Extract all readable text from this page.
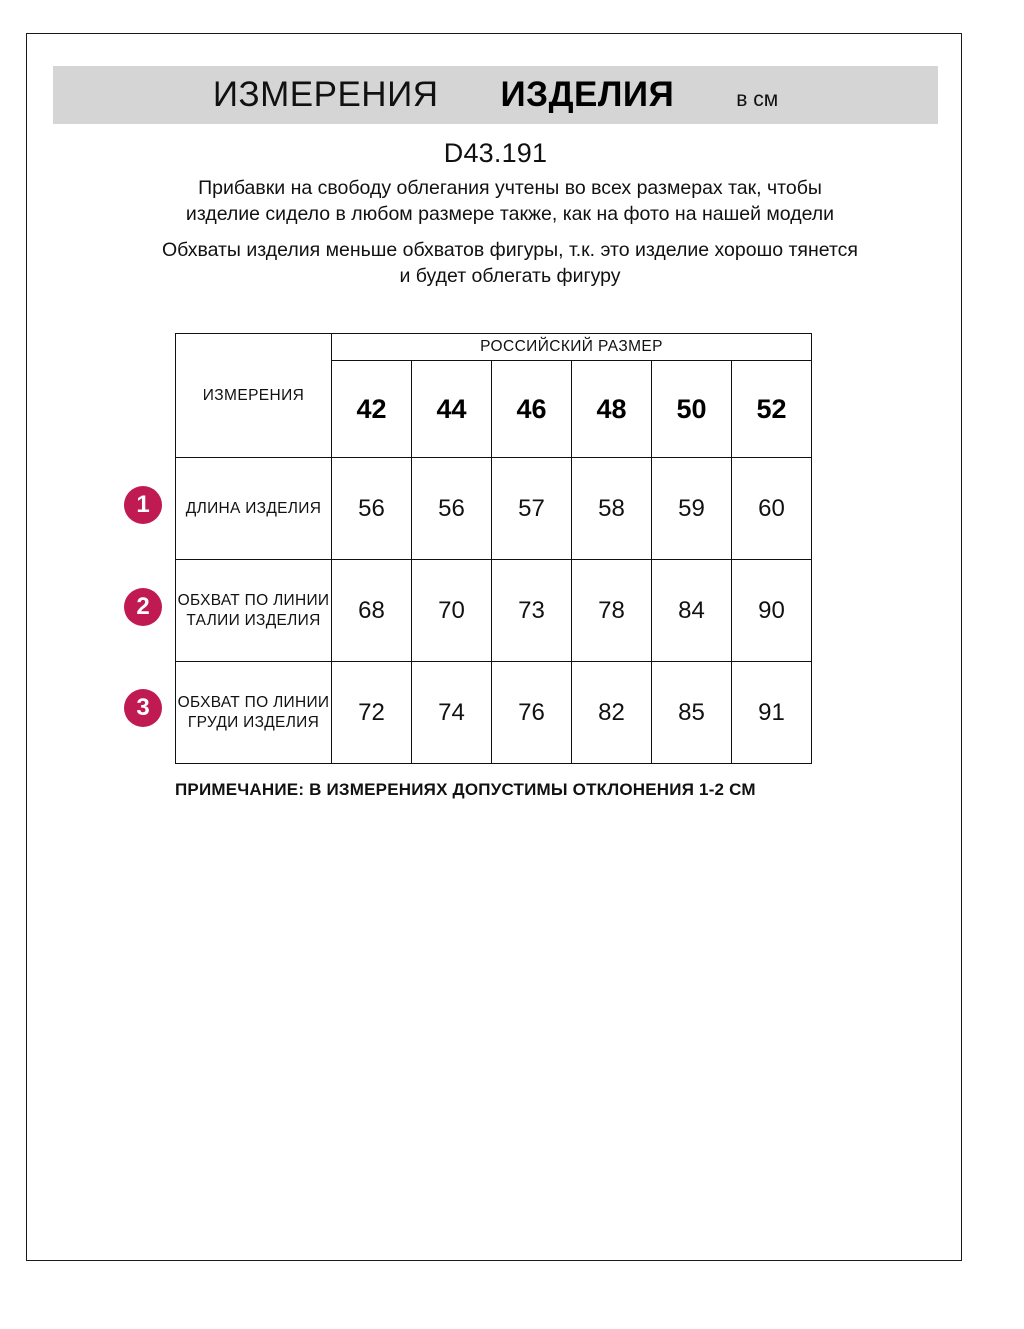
ИЗМЕРЕНИЯ ИЗДЕЛИЯ	в см
D43.191

Прибавки на свободу облегания учтены во всех размерах так, чтобы изделие сидело в любом размере также, как на фото на нашей модели

Обхваты изделия меньше обхватов фигуры, т.к. это изделие хорошо тянется и будет облегать фигуру

ИЗМЕРЕНИЯ	РОССИЙСКИЙ РАЗМЕР					
	42	44	46	48	50	52
ДЛИНА ИЗДЕЛИЯ	56	56	57	58	59	60
ОБХВАТ ПО ЛИНИИ ТАЛИИ ИЗДЕЛИЯ	68	70	73	78	84	90
ОБХВАТ ПО ЛИНИИ ГРУДИ ИЗДЕЛИЯ	72	74	76	82	85	91
1
2
3
ПРИМЕЧАНИЕ: В ИЗМЕРЕНИЯХ ДОПУСТИМЫ ОТКЛОНЕНИЯ 1-2 СМ
